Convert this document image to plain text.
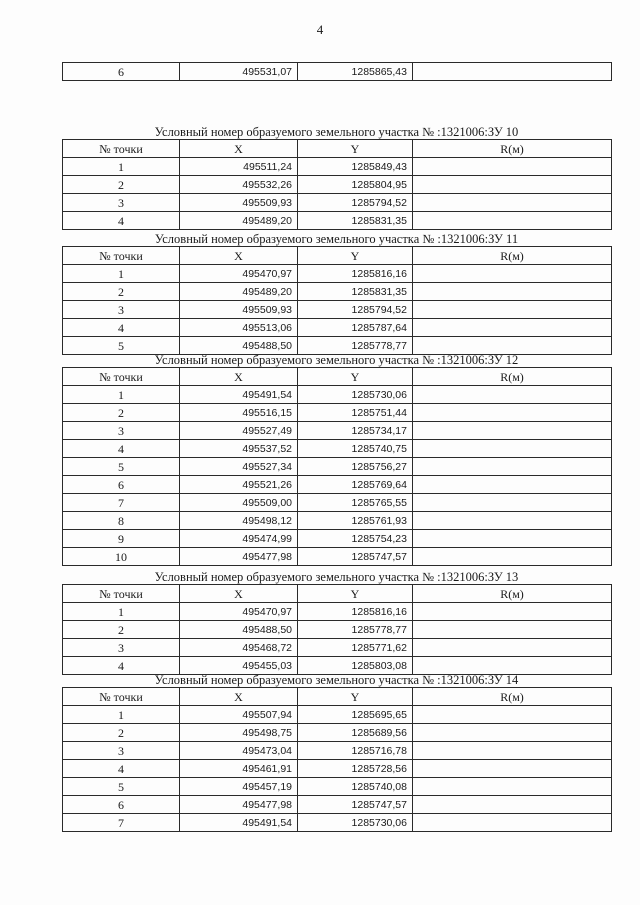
4
6	495531,07	1285865,43	
Условный номер образуемого земельного участка № :1321006:ЗУ 10
№ точки	X	Y	R(м)
1	495511,24	1285849,43	
2	495532,26	1285804,95	
3	495509,93	1285794,52	
4	495489,20	1285831,35	
Условный номер образуемого земельного участка № :1321006:ЗУ 11
№ точки	X	Y	R(м)
1	495470,97	1285816,16	
2	495489,20	1285831,35	
3	495509,93	1285794,52	
4	495513,06	1285787,64	
5	495488,50	1285778,77	
Условный номер образуемого земельного участка № :1321006:ЗУ 12
№ точки	X	Y	R(м)
1	495491,54	1285730,06	
2	495516,15	1285751,44	
3	495527,49	1285734,17	
4	495537,52	1285740,75	
5	495527,34	1285756,27	
6	495521,26	1285769,64	
7	495509,00	1285765,55	
8	495498,12	1285761,93	
9	495474,99	1285754,23	
10	495477,98	1285747,57	
Условный номер образуемого земельного участка № :1321006:ЗУ 13
№ точки	X	Y	R(м)
1	495470,97	1285816,16	
2	495488,50	1285778,77	
3	495468,72	1285771,62	
4	495455,03	1285803,08	
Условный номер образуемого земельного участка № :1321006:ЗУ 14
№ точки	X	Y	R(м)
1	495507,94	1285695,65	
2	495498,75	1285689,56	
3	495473,04	1285716,78	
4	495461,91	1285728,56	
5	495457,19	1285740,08	
6	495477,98	1285747,57	
7	495491,54	1285730,06	
